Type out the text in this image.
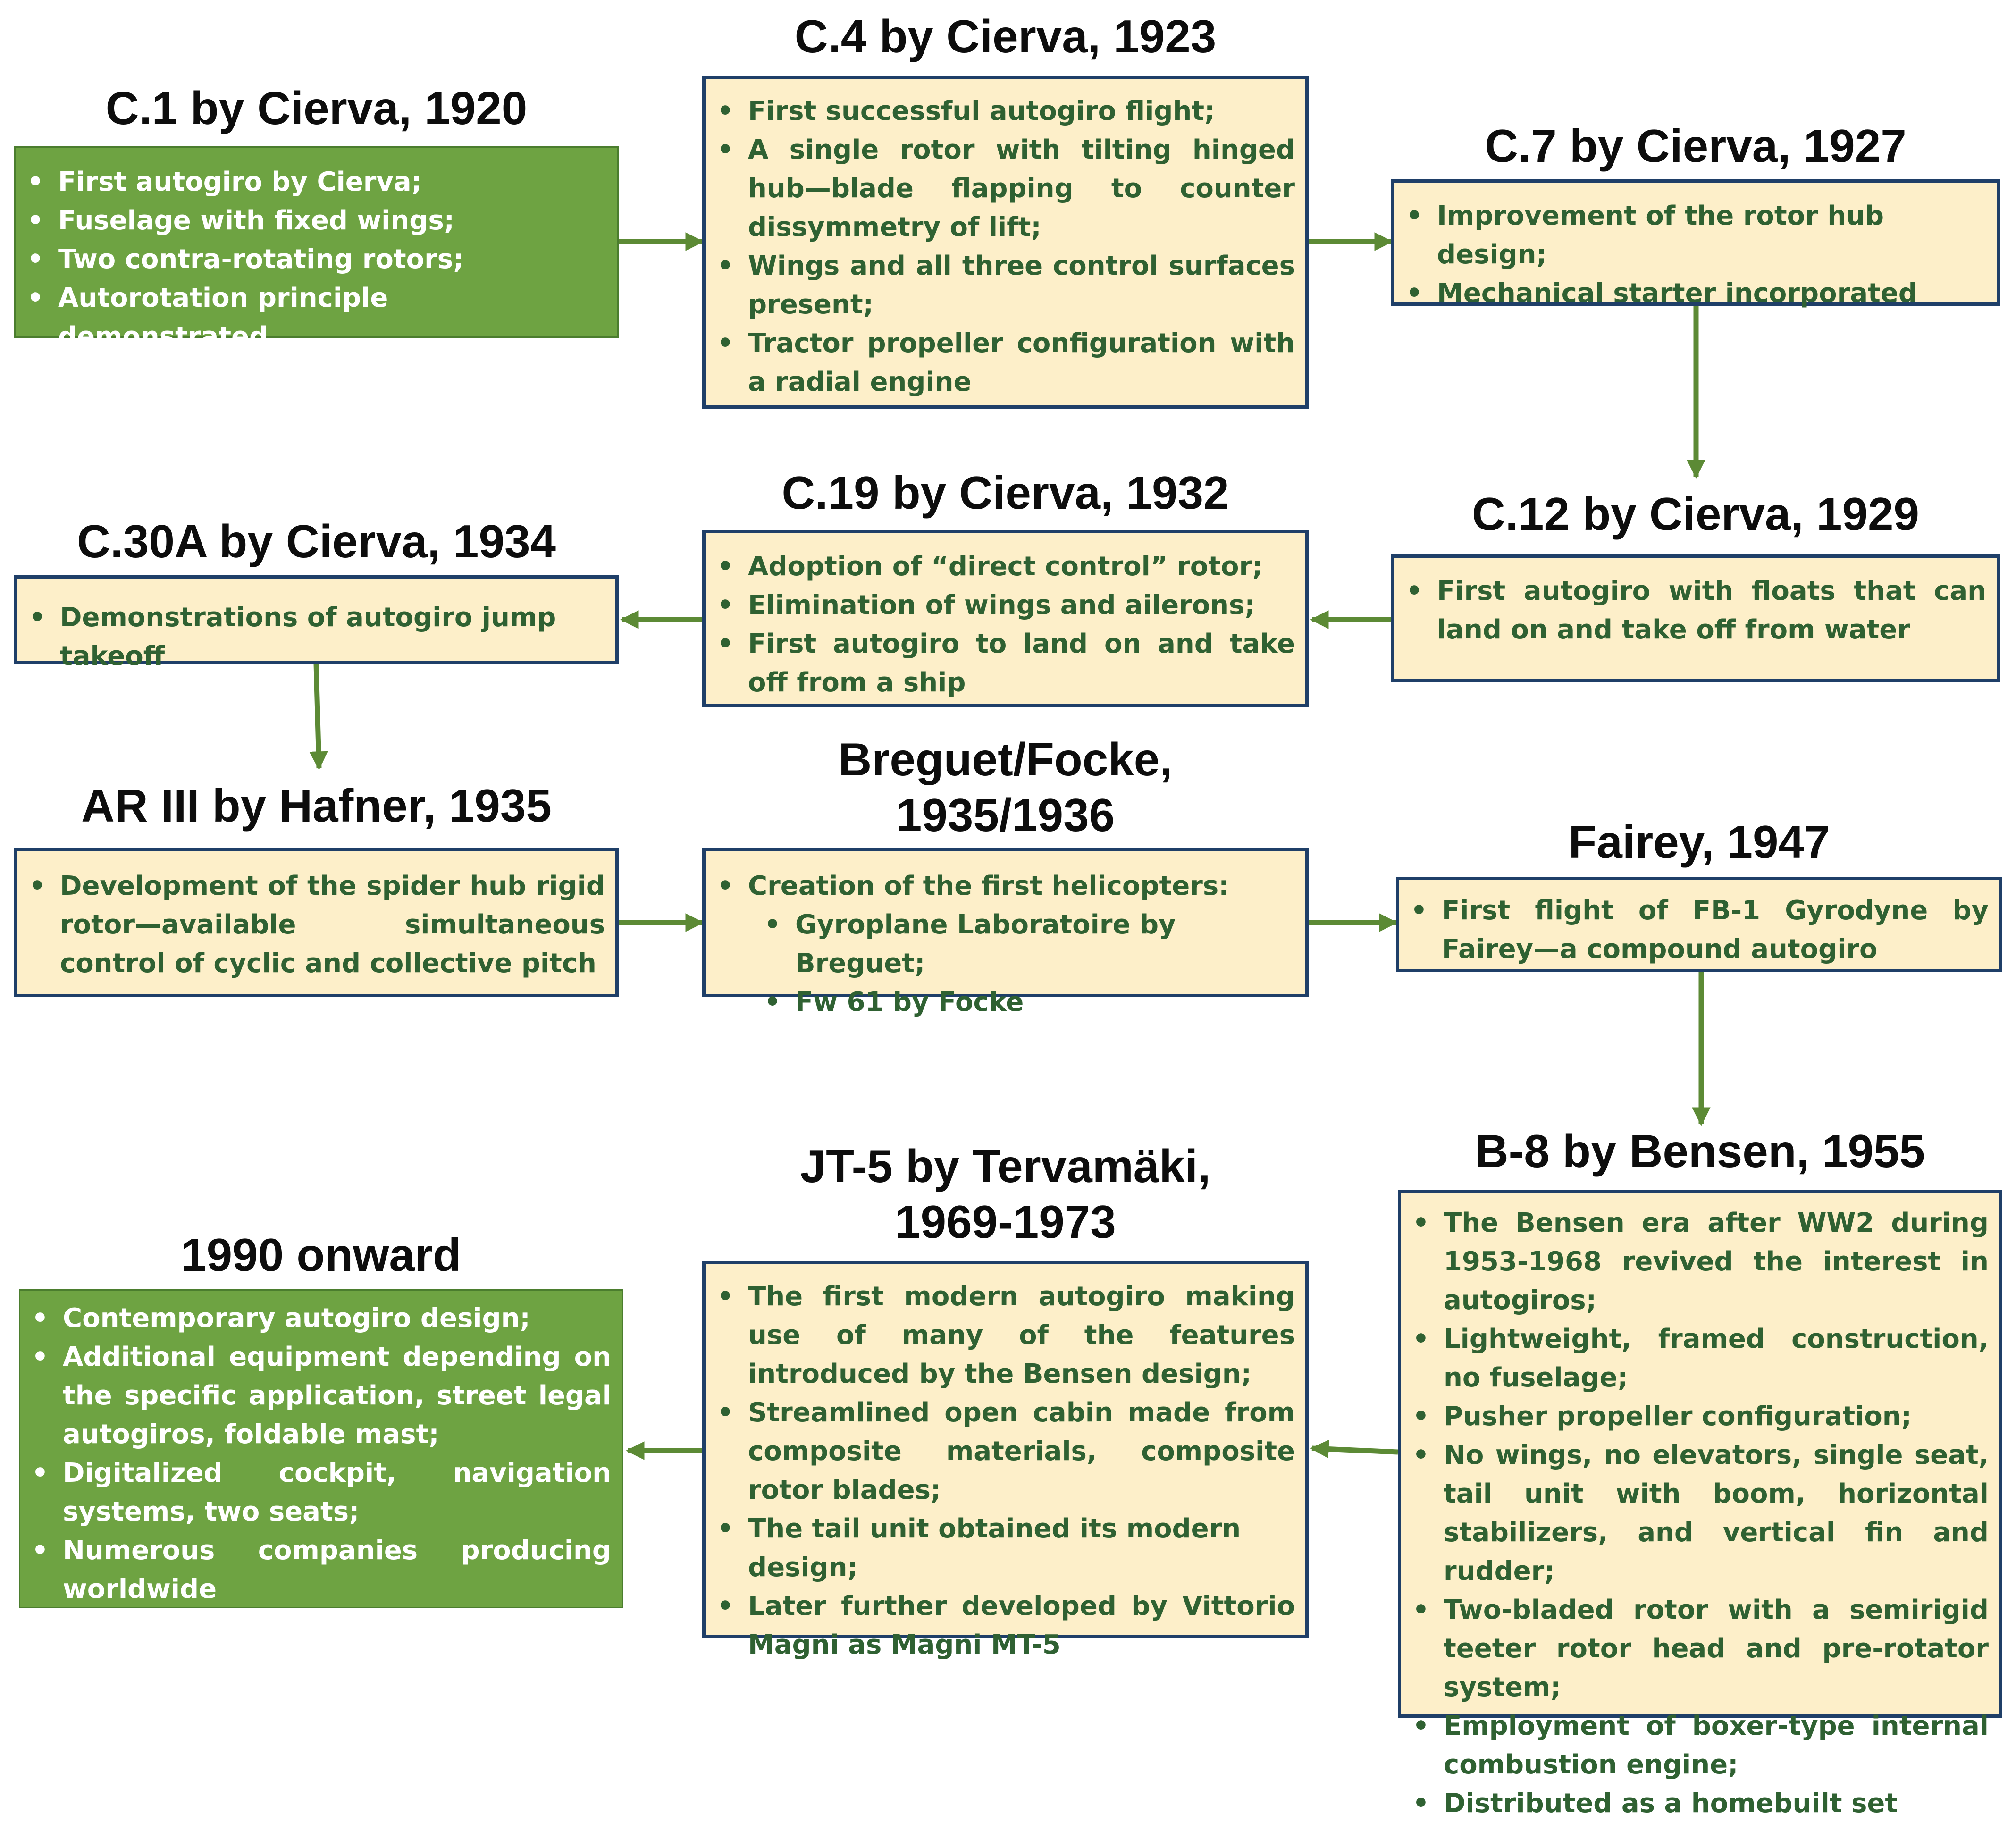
C.1 by Cierva, 1920
• First autogiro by Cierva;
• Fuselage with fixed wings;
• Two contra-rotating rotors;
• Autorotation principle demonstrated
C.4 by Cierva, 1923
• First successful autogiro flight;
• A single rotor with tilting hinged hub—blade flapping to counter dissymmetry of lift;
• Wings and all three control surfaces present;
• Tractor propeller configuration with a radial engine
C.7 by Cierva, 1927
• Improvement of the rotor hub design;
• Mechanical starter incorporated
C.12 by Cierva, 1929
• First autogiro with floats that can land on and take off from water
C.19 by Cierva, 1932
• Adoption of “direct control” rotor;
• Elimination of wings and ailerons;
• First autogiro to land on and take off from a ship
C.30A by Cierva, 1934
• Demonstrations of autogiro jump takeoff
AR III by Hafner, 1935
• Development of the spider hub rigid rotor—available simultaneous control of cyclic and collective pitch
Breguet/Focke,
1935/1936
• Creation of the first helicopters:
• Gyroplane Laboratoire by Breguet;
• Fw 61 by Focke
Fairey, 1947
• First flight of FB-1 Gyrodyne by Fairey—a compound autogiro
B-8 by Bensen, 1955
• The Bensen era after WW2 during 1953-1968 revived the interest in autogiros;
• Lightweight, framed construction, no fuselage;
• Pusher propeller configuration;
• No wings, no elevators, single seat, tail unit with boom, horizontal stabilizers, and vertical fin and rudder;
• Two-bladed rotor with a semirigid teeter rotor head and pre-rotator system;
• Employment of boxer-type internal combustion engine;
• Distributed as a homebuilt set
JT-5 by Tervamäki,
1969-1973
• The first modern autogiro making use of many of the features introduced by the Bensen design;
• Streamlined open cabin made from composite materials, composite rotor blades;
• The tail unit obtained its modern design;
• Later further developed by Vittorio Magni as Magni MT-5
1990 onward
• Contemporary autogiro design;
• Additional equipment depending on the specific application, street legal autogiros, foldable mast;
• Digitalized cockpit, navigation systems, two seats;
• Numerous companies producing worldwide
